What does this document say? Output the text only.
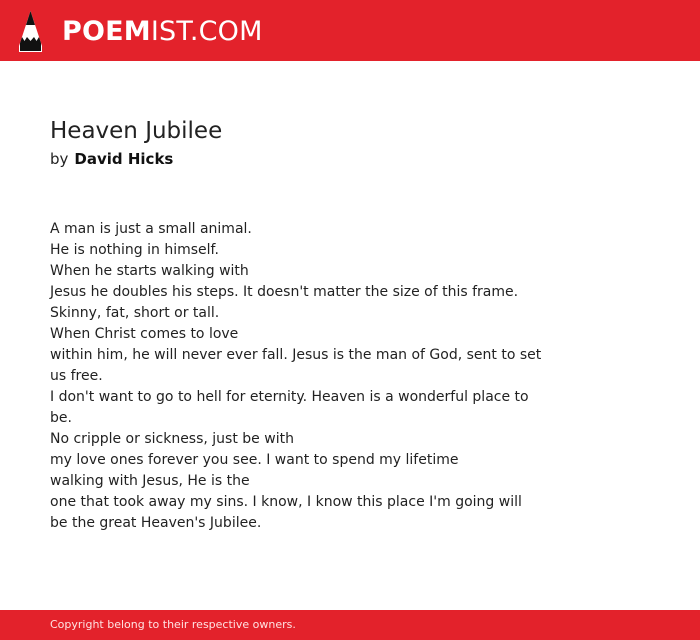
POEMIST.COM
Heaven Jubilee
by David Hicks
A man is just a small animal.
He is nothing in himself.
When he starts walking with
Jesus he doubles his steps. It doesn't matter the size of this frame.
Skinny, fat, short or tall.
When Christ comes to love
within him, he will never ever fall. Jesus is the man of God, sent to set
us free.
I don't want to go to hell for eternity. Heaven is a wonderful place to
be.
No cripple or sickness, just be with
my love ones forever you see. I want to spend my lifetime
walking with Jesus, He is the
one that took away my sins. I know, I know this place I'm going will
be the great Heaven's Jubilee.
Copyright belong to their respective owners.
